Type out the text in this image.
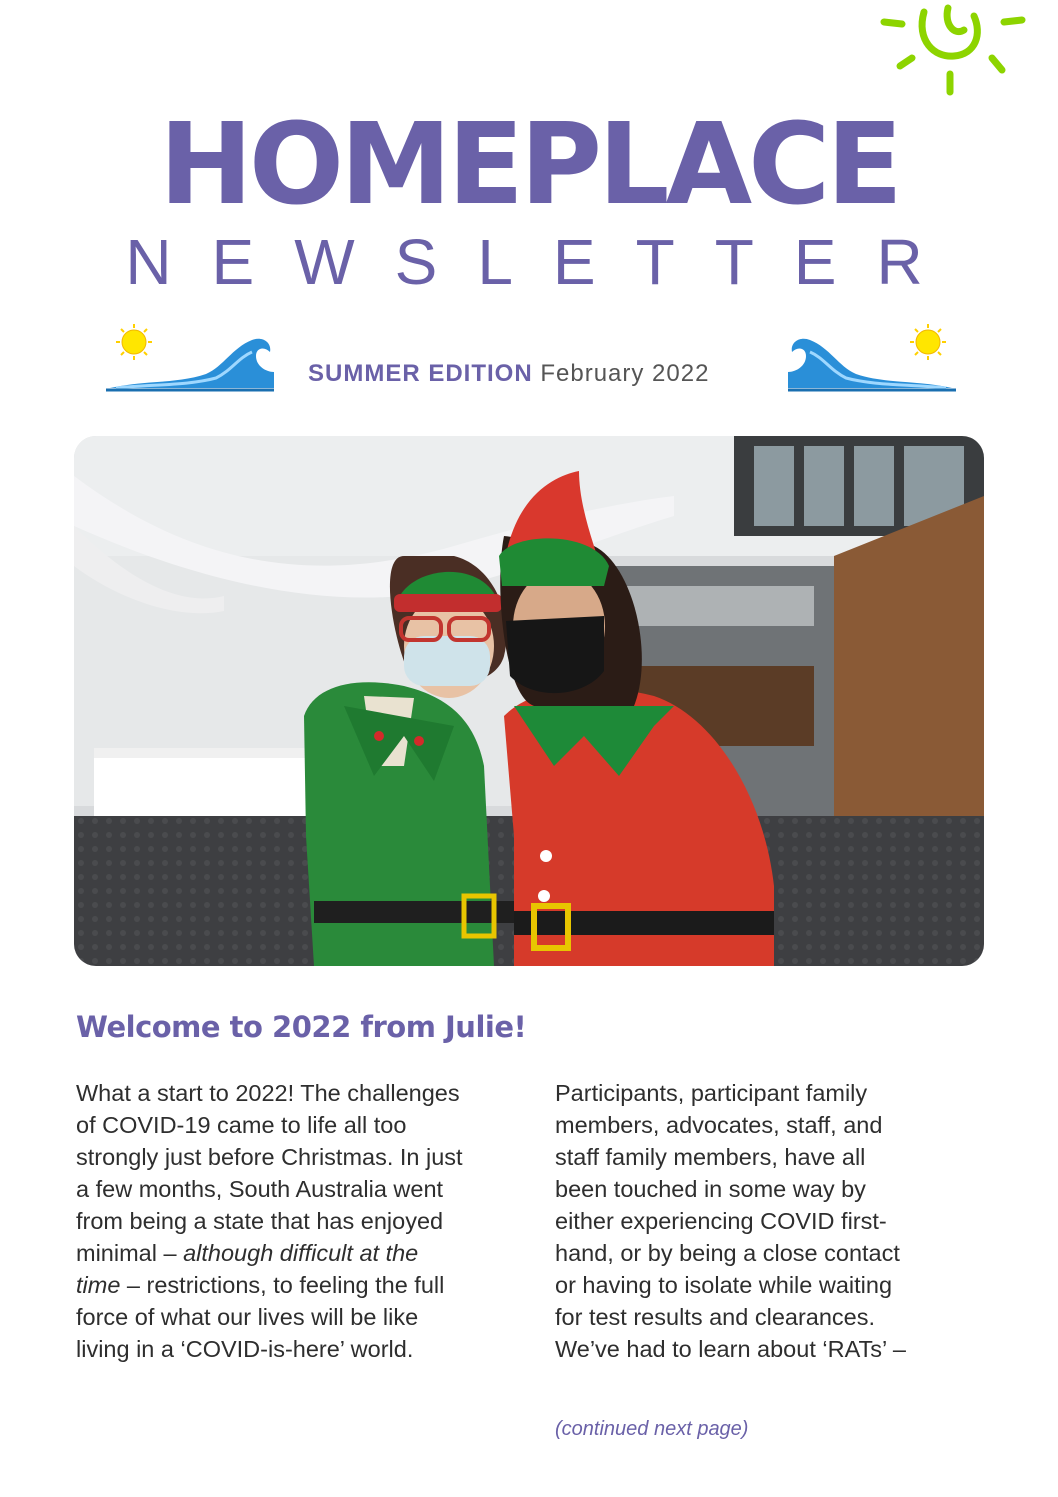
HOMEPLACE
NEWSLETTER
SUMMER EDITION February 2022
Welcome to 2022 from Julie!
What a start to 2022! The challenges
of COVID-19 came to life all too
strongly just before Christmas. In just
a few months, South Australia went
from being a state that has enjoyed
minimal – although difficult at the
time – restrictions, to feeling the full
force of what our lives will be like
living in a ‘COVID-is-here’ world.
Participants, participant family
members, advocates, staff, and
staff family members, have all
been touched in some way by
either experiencing COVID first-
hand, or by being a close contact
or having to isolate while waiting
for test results and clearances.
We’ve had to learn about ‘RATs’ –
(continued next page)
